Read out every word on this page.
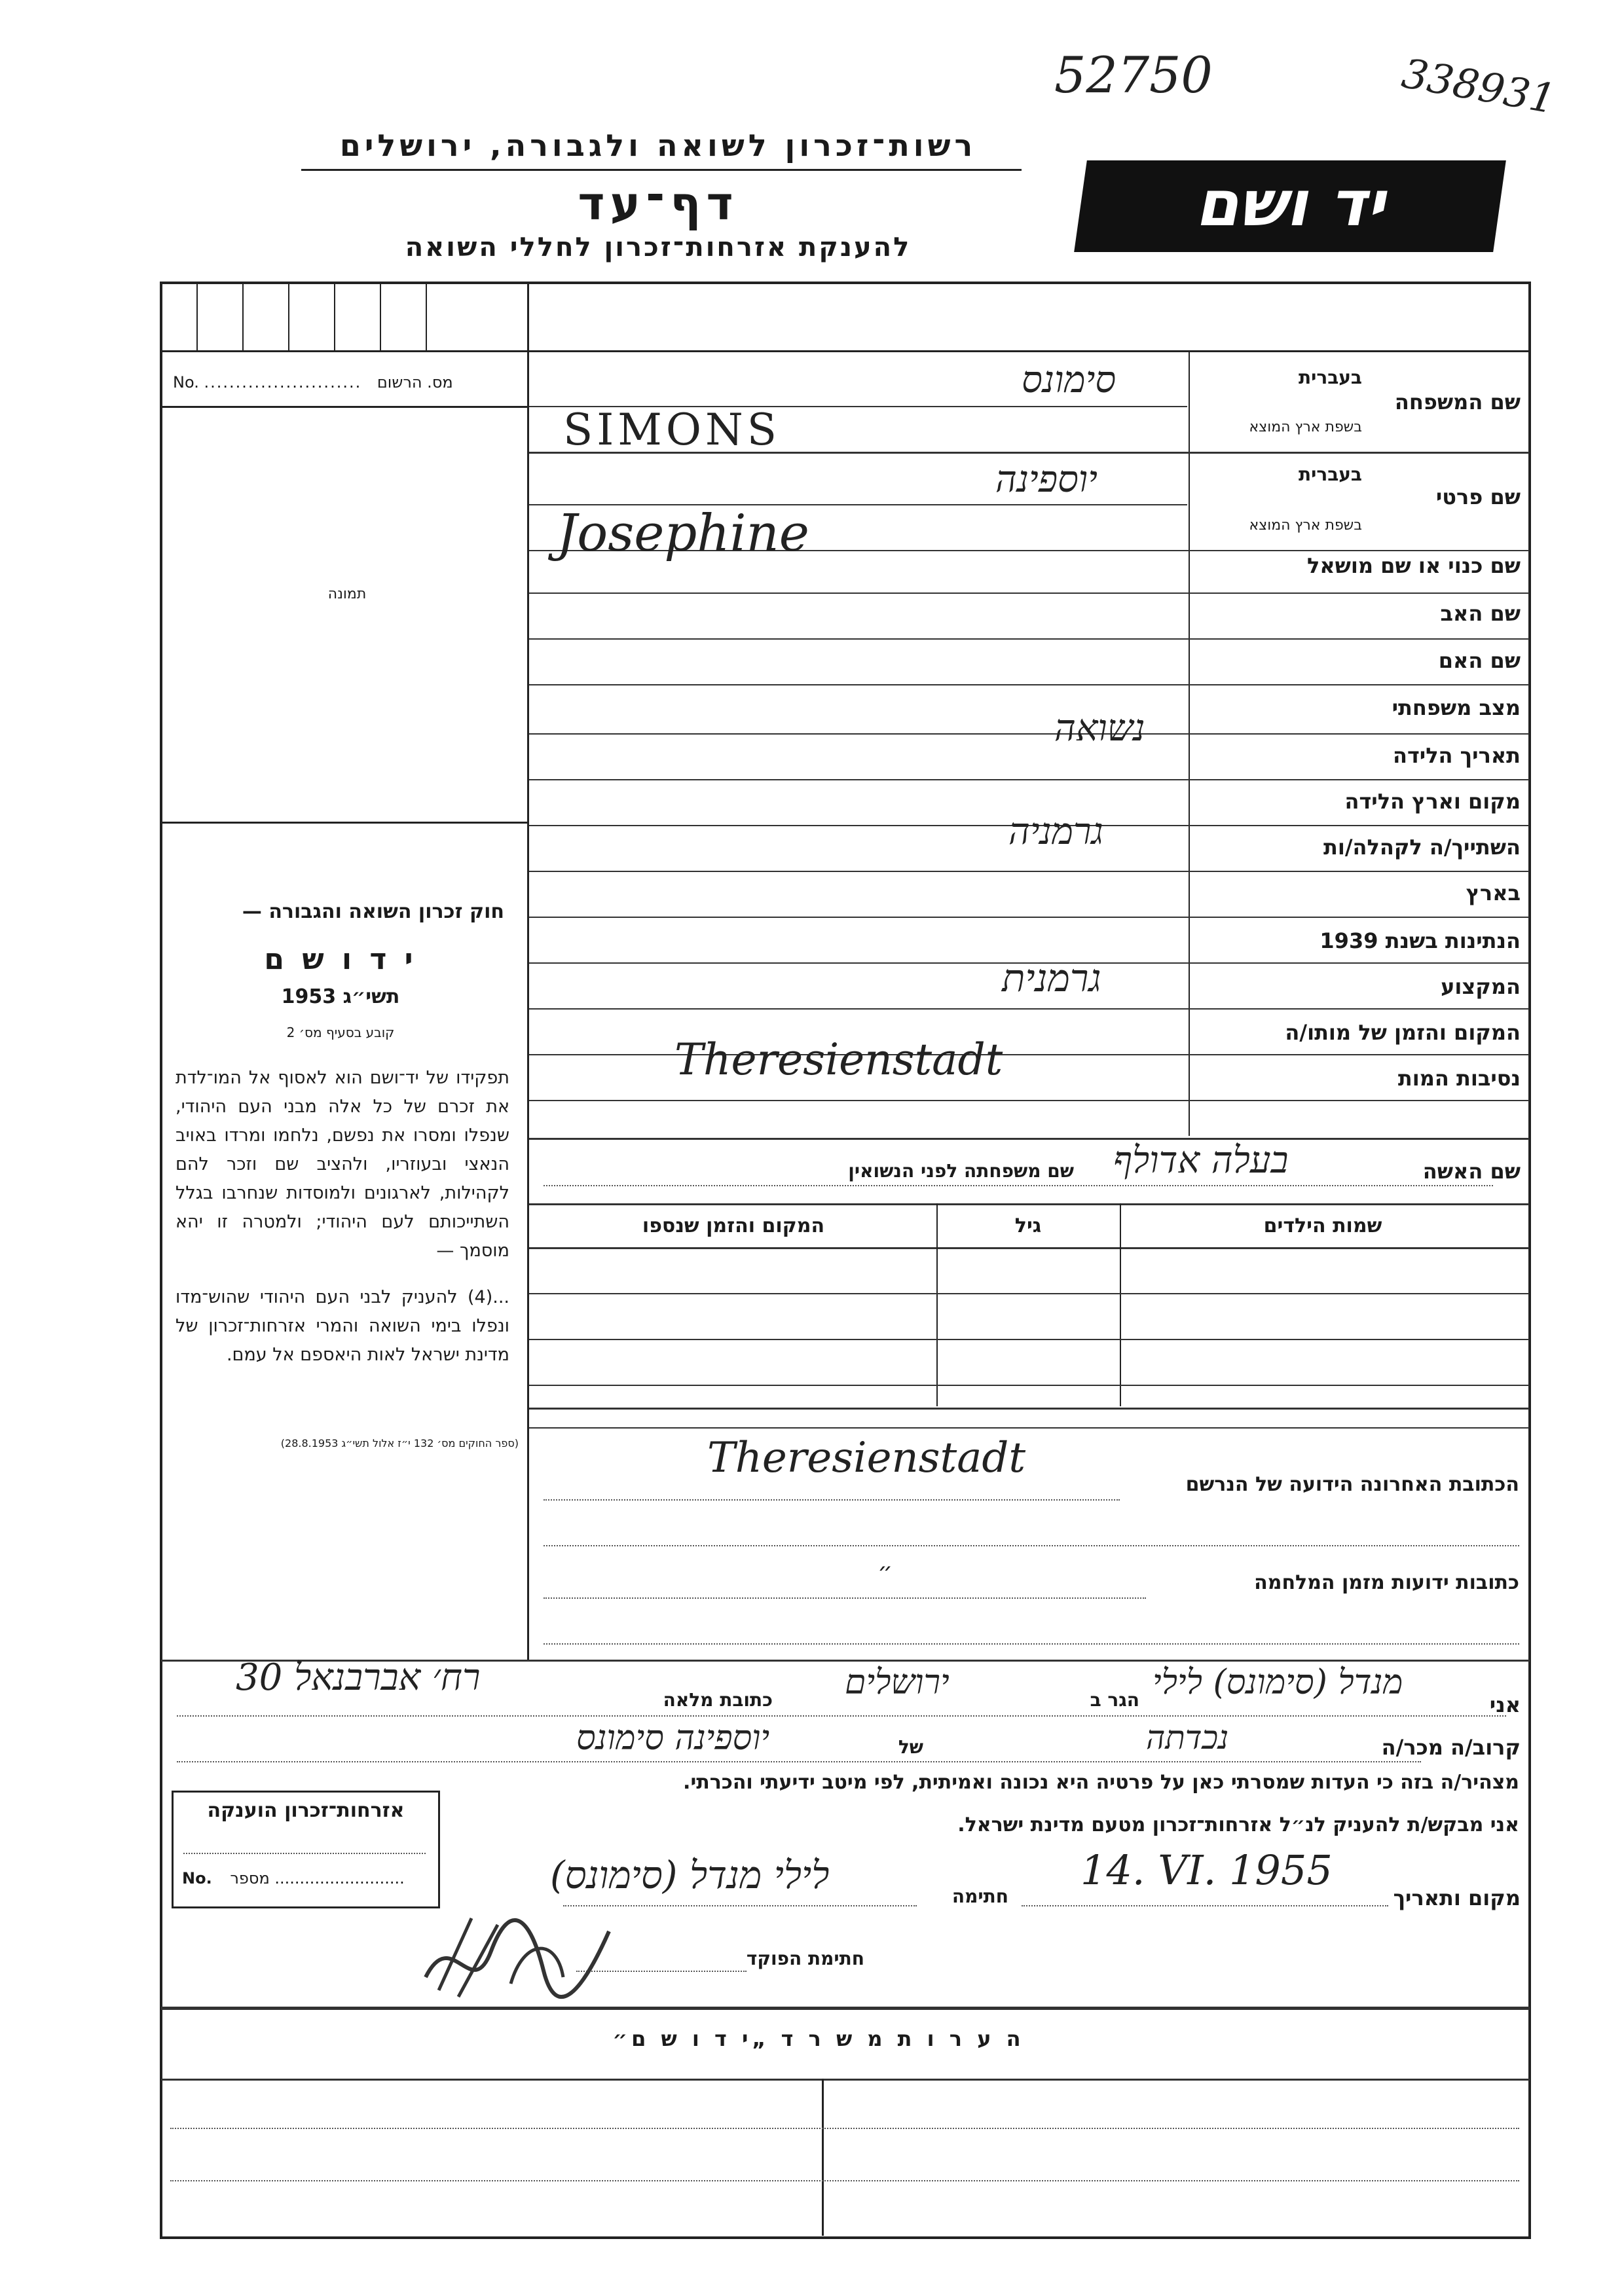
52750	338931
רשות־זכרון לשואה ולגבורה, ירושלים
דף־עד
להענקת אזרחות־זכרון לחללי השואה
יד ושם
No. ......................... מס. הרשום
תמונה
חוק זכרון השואה והגבורה —
י ד ו ש ם
תשי״ג 1953
קובע בסעיף מס׳ 2
תפקידו של יד־ושם הוא לאסוף אל המו־לדת את זכרם של כל אלה מבני העם היהודי, שנפלו ומסרו את נפשם, נלחמו ומרדו באויב הנאצי ובעוזריו, ולהציב שם וזכר להם לקהילות, לארגונים ולמוסדות שנחרבו בגלל השתייכותם לעם היהודי; ולמטרה זו יהא מוסמך —
...(4) להעניק לבני העם היהודי שהוש־מדו ונפלו בימי השואה והמרי אזרחות־זכרון של מדינת ישראל לאות היאספם אל עמם.
(ספר החוקים מס׳ 132 י״ז אלול תשי״ג 28.8.1953)
שם המשפחה
בעברית
בשפת ארץ המוצא
שם פרטי
בעברית
בשפת ארץ המוצא
שם כנוי או שם מושאל
שם האב
שם האם
מצב משפחתי
תאריך הלידה
מקום וארץ הלידה
השתייך/ה לקהלה/ות
בארץ
הנתינות בשנת 1939
המקצוע
המקום והזמן של מותו/ה
נסיבות המות
סימונס
SIMONS
יוספינה
Josephine
נשואה
גרמניה
גרמנית
Theresienstadt
שם האשה
בעלה אדולף
שם משפחתה לפני הנשואין
שמות הילדים
גיל
המקום והזמן שנספו
Theresienstadt
הכתובת האחרונה הידועה של הנרשם
״	כתובות ידועות מזמן המלחמה
אני
מנדל (סימונס) לילי
הגר ב
ירושלים
כתובת מלאה
רח׳ אברבנאל 30
קרוב/ה מכר/ה
נכדתה
של
יוספינה סימונס
מצהיר/ה בזה כי העדות שמסרתי כאן על פרטיה היא נכונה ואמיתית, לפי מיטב ידיעתי והכרתי.
אני מבקש/ת להעניק לנ״ל אזרחות־זכרון מטעם מדינת ישראל.
מקום ותאריך
14. VI. 1955
חתימה
לילי מנדל (סימונס)
חתימת הפוקד
אזרחות־זכרון הוענקה
No. מספר ..........................
ה ע ר ו ת מ ש ר ד „י ד ו ש ם״
